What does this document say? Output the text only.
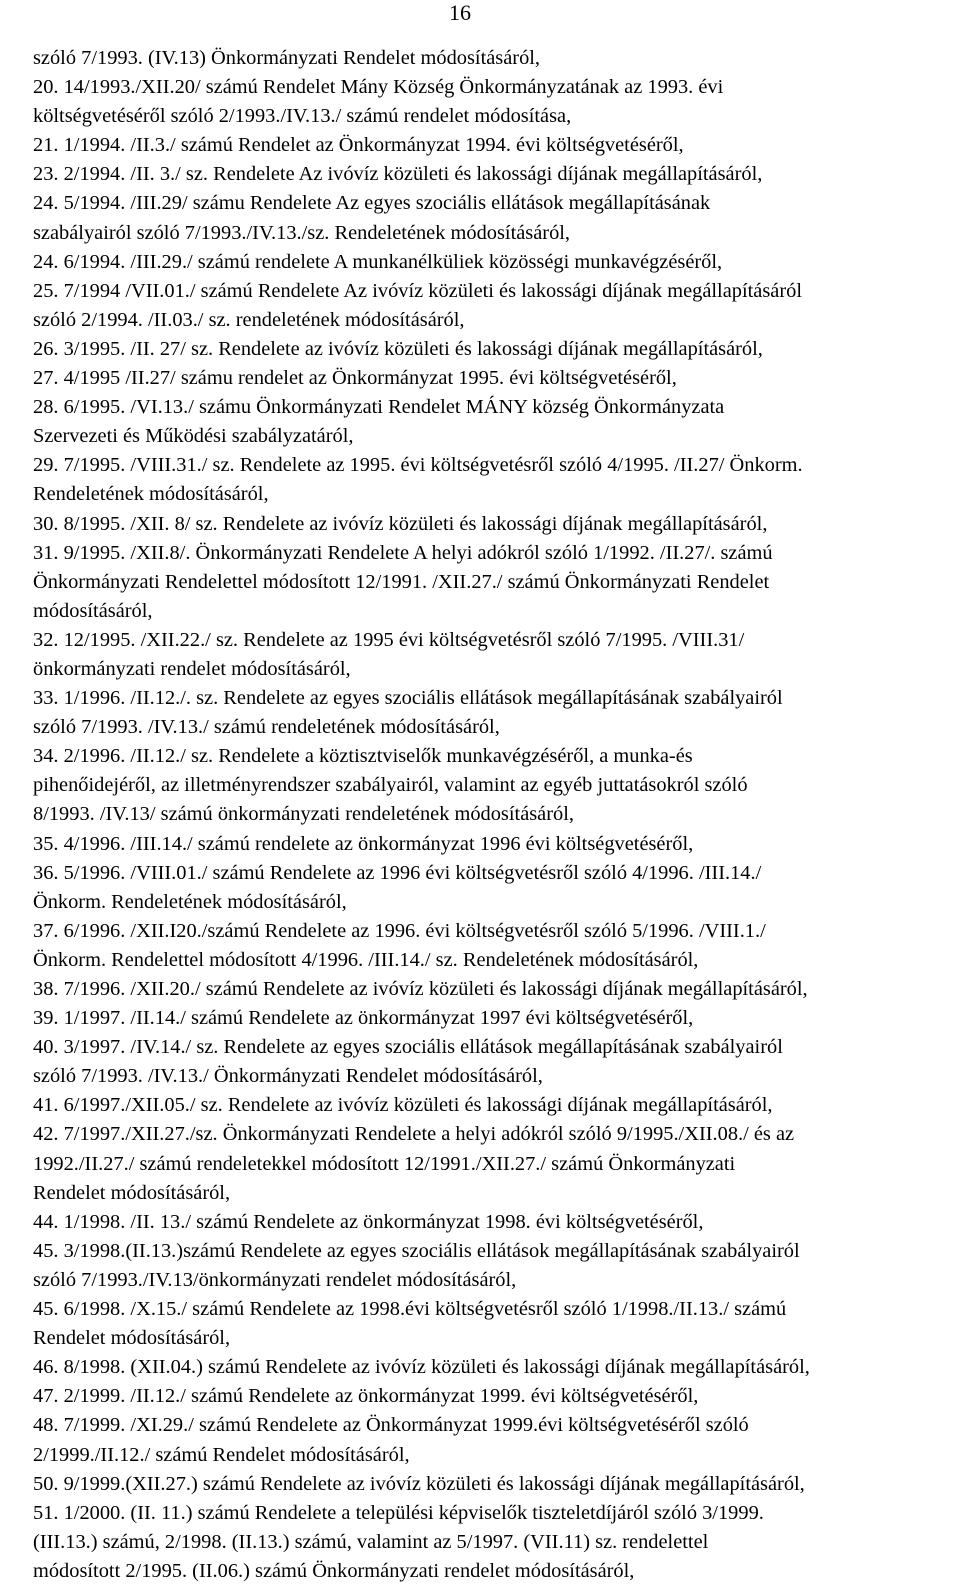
16
szóló 7/1993. (IV.13) Önkormányzati Rendelet módosításáról,
20. 14/1993./XII.20/ számú Rendelet Mány Község Önkormányzatának az 1993. évi
költségvetéséről szóló 2/1993./IV.13./ számú rendelet módosítása,
21. 1/1994. /II.3./ számú Rendelet az Önkormányzat 1994. évi költségvetéséről,
23. 2/1994. /II. 3./ sz. Rendelete Az ivóvíz közületi és lakossági díjának megállapításáról,
24. 5/1994. /III.29/ számu Rendelete Az egyes szociális ellátások megállapításának
szabályairól szóló 7/1993./IV.13./sz. Rendeletének módosításáról,
24. 6/1994. /III.29./ számú rendelete A munkanélküliek közösségi munkavégzéséről,
25. 7/1994 /VII.01./ számú Rendelete Az ivóvíz közületi és lakossági díjának megállapításáról
szóló 2/1994. /II.03./ sz. rendeletének módosításáról,
26. 3/1995. /II. 27/ sz. Rendelete az ivóvíz közületi és lakossági díjának megállapításáról,
27. 4/1995 /II.27/ számu rendelet az Önkormányzat 1995. évi költségvetéséről,
28. 6/1995. /VI.13./ számu Önkormányzati Rendelet MÁNY község Önkormányzata
Szervezeti és Működési szabályzatáról,
29. 7/1995. /VIII.31./ sz. Rendelete az 1995. évi költségvetésről szóló 4/1995. /II.27/ Önkorm.
Rendeletének módosításáról,
30. 8/1995. /XII. 8/ sz. Rendelete az ivóvíz közületi és lakossági díjának megállapításáról,
31. 9/1995. /XII.8/. Önkormányzati Rendelete A helyi adókról szóló 1/1992. /II.27/. számú
Önkormányzati Rendelettel módosított 12/1991. /XII.27./ számú Önkormányzati Rendelet
módosításáról,
32. 12/1995. /XII.22./ sz. Rendelete az 1995 évi költségvetésről szóló 7/1995. /VIII.31/
önkormányzati rendelet módosításáról,
33. 1/1996. /II.12./. sz. Rendelete az egyes szociális ellátások megállapításának szabályairól
szóló 7/1993. /IV.13./ számú rendeletének módosításáról,
34. 2/1996. /II.12./ sz. Rendelete a köztisztviselők munkavégzéséről, a munka-és
pihenőidejéről, az illetményrendszer szabályairól, valamint az egyéb juttatásokról szóló
8/1993. /IV.13/ számú önkormányzati rendeletének módosításáról,
35. 4/1996. /III.14./ számú rendelete az önkormányzat 1996 évi költségvetéséről,
36. 5/1996. /VIII.01./ számú Rendelete az 1996 évi költségvetésről szóló 4/1996. /III.14./
Önkorm. Rendeletének módosításáról,
37. 6/1996. /XII.I20./számú Rendelete az 1996. évi költségvetésről szóló 5/1996. /VIII.1./
Önkorm. Rendelettel módosított 4/1996. /III.14./ sz. Rendeletének módosításáról,
38. 7/1996. /XII.20./ számú Rendelete az ivóvíz közületi és lakossági díjának megállapításáról,
39. 1/1997. /II.14./ számú Rendelete az önkormányzat 1997 évi költségvetéséről,
40. 3/1997. /IV.14./ sz. Rendelete az egyes szociális ellátások megállapításának szabályairól
szóló 7/1993. /IV.13./ Önkormányzati Rendelet módosításáról,
41. 6/1997./XII.05./ sz. Rendelete az ivóvíz közületi és lakossági díjának megállapításáról,
42. 7/1997./XII.27./sz. Önkormányzati Rendelete a helyi adókról szóló 9/1995./XII.08./ és az
1992./II.27./ számú rendeletekkel módosított 12/1991./XII.27./ számú Önkormányzati
Rendelet módosításáról,
44. 1/1998. /II. 13./ számú Rendelete az önkormányzat 1998. évi költségvetéséről,
45. 3/1998.(II.13.)számú Rendelete az egyes szociális ellátások megállapításának szabályairól
szóló 7/1993./IV.13/önkormányzati rendelet módosításáról,
45. 6/1998. /X.15./ számú Rendelete az 1998.évi költségvetésről szóló 1/1998./II.13./ számú
Rendelet módosításáról,
46. 8/1998. (XII.04.) számú Rendelete az ivóvíz közületi és lakossági díjának megállapításáról,
47. 2/1999. /II.12./ számú Rendelete az önkormányzat 1999. évi költségvetéséről,
48. 7/1999. /XI.29./ számú Rendelete az Önkormányzat 1999.évi költségvetéséről szóló
2/1999./II.12./ számú Rendelet módosításáról,
50. 9/1999.(XII.27.) számú Rendelete az ivóvíz közületi és lakossági díjának megállapításáról,
51. 1/2000. (II. 11.) számú Rendelete a települési képviselők tiszteletdíjáról szóló 3/1999.
(III.13.) számú, 2/1998. (II.13.) számú, valamint az 5/1997. (VII.11) sz. rendelettel
módosított 2/1995. (II.06.) számú Önkormányzati rendelet módosításáról,
